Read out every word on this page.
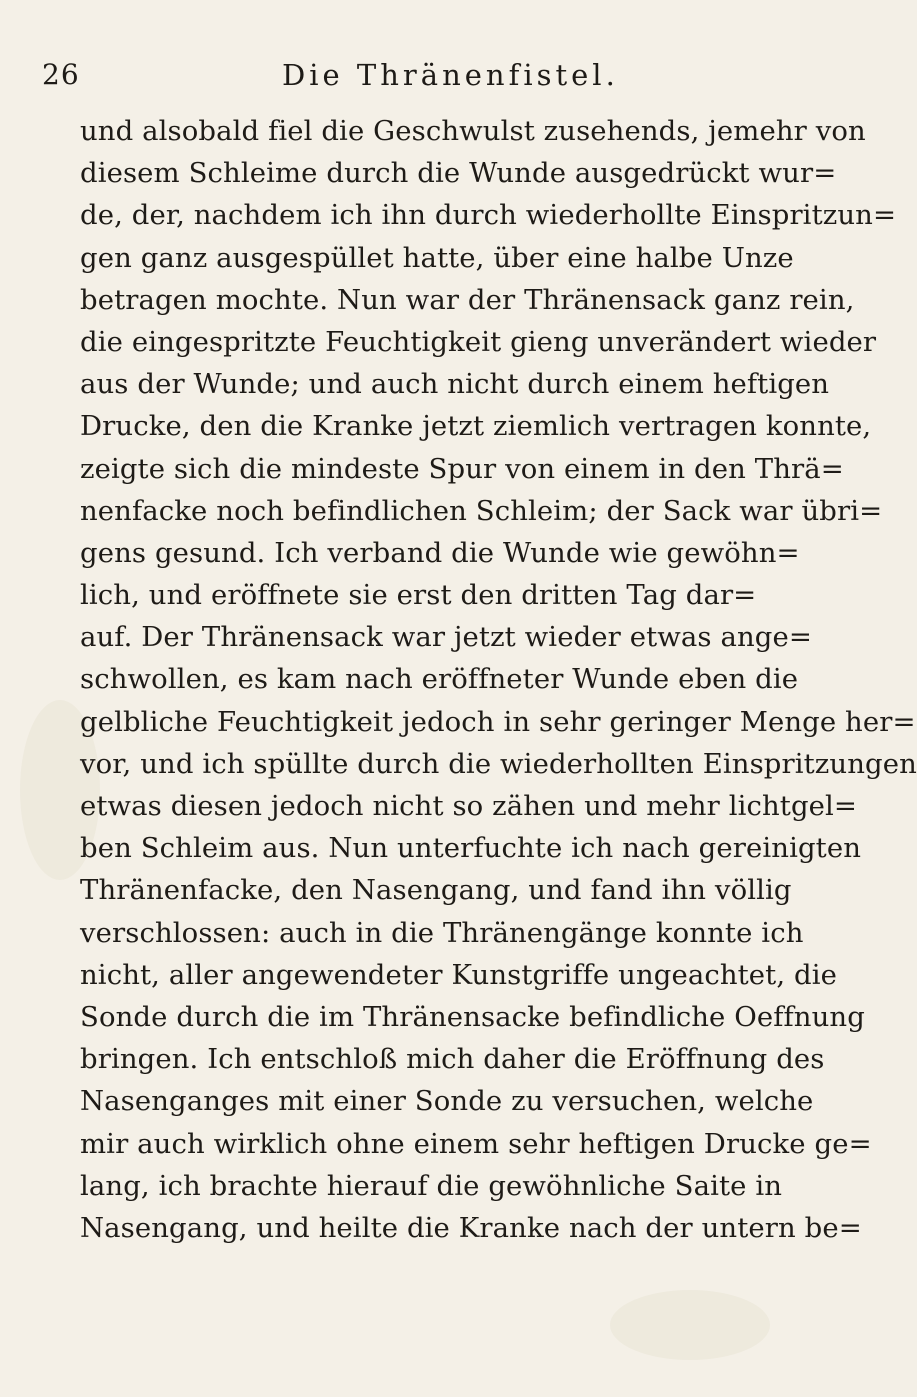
26	Die Thränenfistel.
und alsobald fiel die Geschwulst zusehends, jemehr von
diesem Schleime durch die Wunde ausgedrückt wur=
de, der, nachdem ich ihn durch wiederhollte Einspritzun=
gen ganz ausgespüllet hatte, über eine halbe Unze
betragen mochte. Nun war der Thränensack ganz rein,
die eingespritzte Feuchtigkeit gieng unverändert wieder
aus der Wunde; und auch nicht durch einem heftigen
Drucke, den die Kranke jetzt ziemlich vertragen konnte,
zeigte sich die mindeste Spur von einem in den Thrä=
nenfacke noch befindlichen Schleim; der Sack war übri=
gens gesund. Ich verband die Wunde wie gewöhn=
lich, und eröffnete sie erst den dritten Tag dar=
auf. Der Thränensack war jetzt wieder etwas ange=
schwollen, es kam nach eröffneter Wunde eben die
gelbliche Feuchtigkeit jedoch in sehr geringer Menge her=
vor, und ich spüllte durch die wiederhollten Einspritzungen
etwas diesen jedoch nicht so zähen und mehr lichtgel=
ben Schleim aus. Nun unterfuchte ich nach gereinigten
Thränenfacke, den Nasengang, und fand ihn völlig
verschlossen: auch in die Thränengänge konnte ich
nicht, aller angewendeter Kunstgriffe ungeachtet, die
Sonde durch die im Thränensacke befindliche Oeffnung
bringen. Ich entschloß mich daher die Eröffnung des
Nasenganges mit einer Sonde zu versuchen, welche
mir auch wirklich ohne einem sehr heftigen Drucke ge=
lang, ich brachte hierauf die gewöhnliche Saite in
Nasengang, und heilte die Kranke nach der untern be=
